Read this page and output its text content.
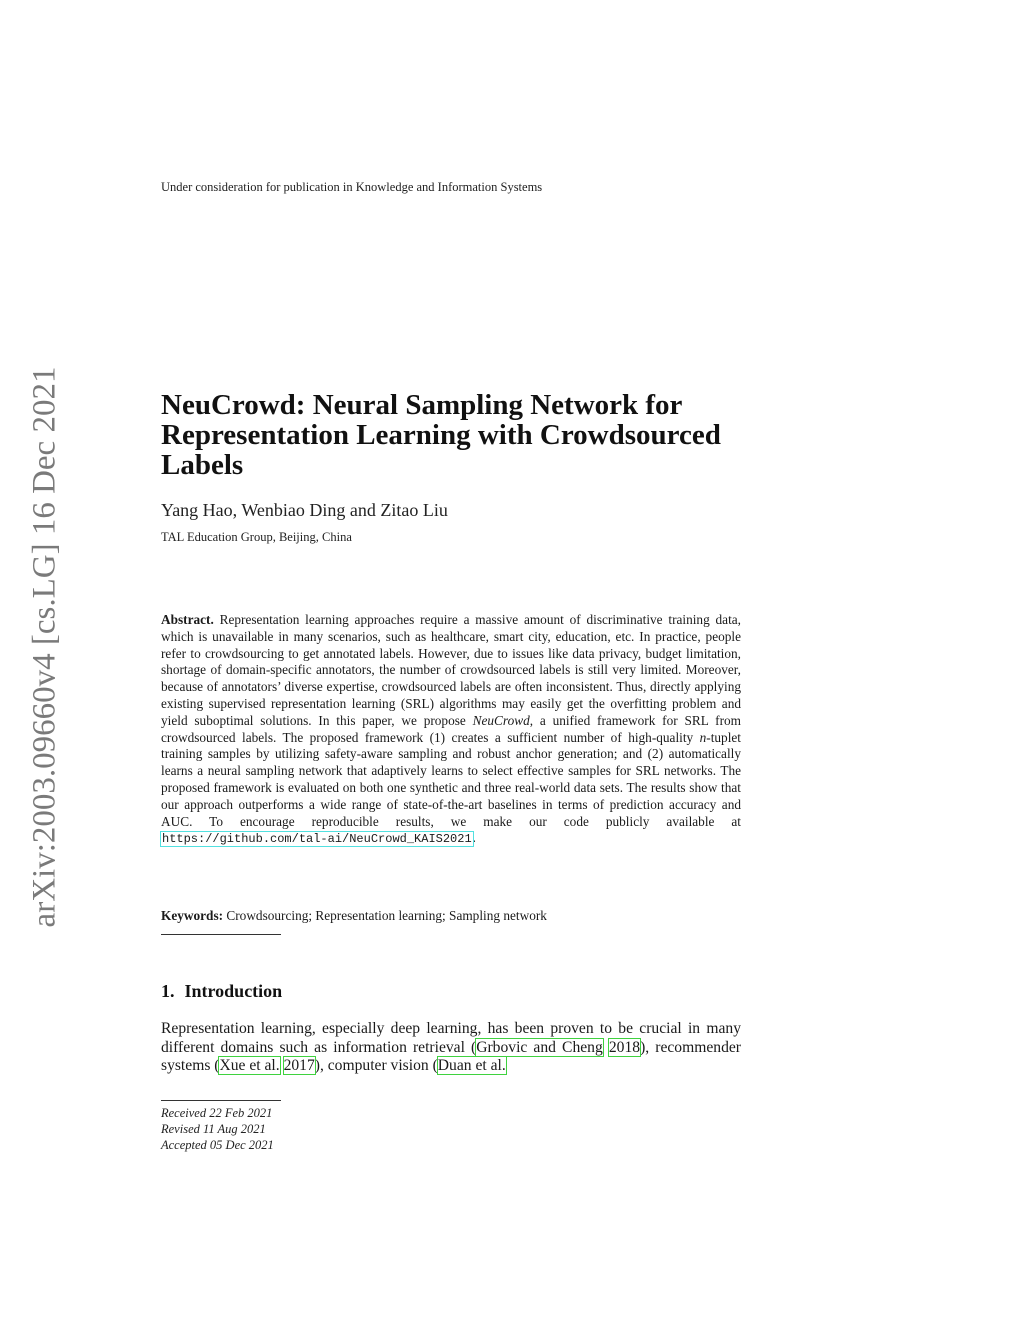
arXiv:2003.09660v4 [cs.LG] 16 Dec 2021
Under consideration for publication in Knowledge and Information Systems
NeuCrowd: Neural Sampling Network for Representation Learning with Crowdsourced Labels
Yang Hao, Wenbiao Ding and Zitao Liu
TAL Education Group, Beijing, China
Abstract. Representation learning approaches require a massive amount of discriminative training data, which is unavailable in many scenarios, such as healthcare, smart city, education, etc. In practice, people refer to crowdsourcing to get annotated labels. However, due to issues like data privacy, budget limitation, shortage of domain-specific annotators, the number of crowdsourced labels is still very limited. Moreover, because of annotators’ diverse expertise, crowdsourced labels are often inconsistent. Thus, directly applying existing supervised representation learning (SRL) algorithms may easily get the overfitting problem and yield suboptimal solutions. In this paper, we propose NeuCrowd, a unified framework for SRL from crowdsourced labels. The proposed framework (1) creates a sufficient number of high-quality n-tuplet training samples by utilizing safety-aware sampling and robust anchor generation; and (2) automatically learns a neural sampling network that adaptively learns to select effective samples for SRL networks. The proposed framework is evaluated on both one synthetic and three real-world data sets. The results show that our approach outperforms a wide range of state-of-the-art baselines in terms of prediction accuracy and AUC. To encourage reproducible results, we make our code publicly available at https://github.com/tal-ai/NeuCrowd_KAIS2021.
Keywords: Crowdsourcing; Representation learning; Sampling network
1. Introduction
Representation learning, especially deep learning, has been proven to be crucial in many different domains such as information retrieval (Grbovic and Cheng 2018), recommender systems (Xue et al. 2017), computer vision (Duan et al.
Received 22 Feb 2021
Revised 11 Aug 2021
Accepted 05 Dec 2021
